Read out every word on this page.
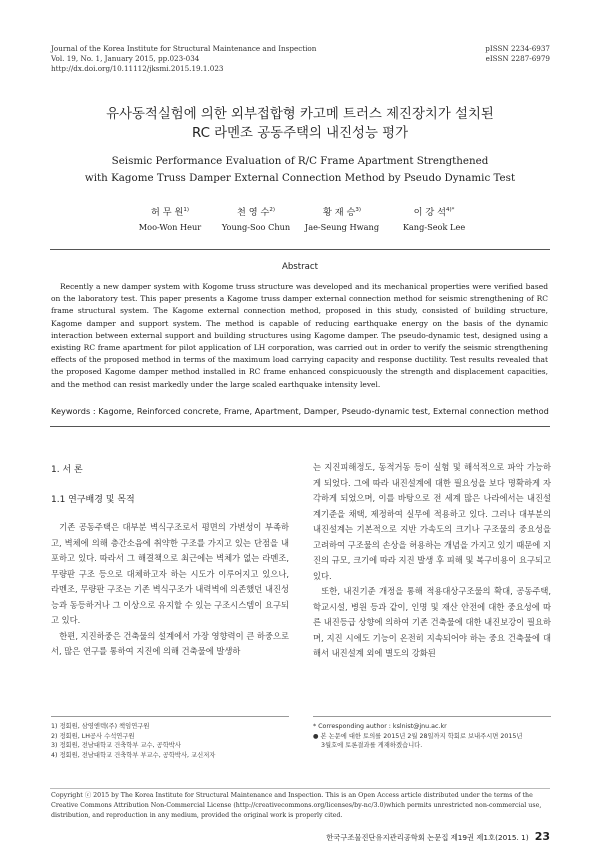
Journal of the Korea Institute for Structural Maintenance and Inspection
Vol. 19, No. 1, January 2015, pp.023-034
http://dx.doi.org/10.11112/jksmi.2015.19.1.023
pISSN 2234-6937
eISSN 2287-6979
유사동적실험에 의한 외부접합형 카고메 트러스 제진장치가 설치된
RC 라멘조 공동주택의 내진성능 평가
Seismic Performance Evaluation of R/C Frame Apartment Strengthened
with Kagome Truss Damper External Connection Method by Pseudo Dynamic Test
허 무 원$^{1)}$
Moo-Won Heur
천 영 수$^{2)}$
Young-Soo Chun
황 재 승$^{3)}$
Jae-Seung Hwang
이 강 석$^{4)*}$
Kang-Seok Lee
Abstract

Recently a new damper system with Kogome truss structure was developed and its mechanical properties were verified based on the laboratory test. This paper presents a Kagome truss damper external connection method for seismic strengthening of RC frame structural system. The Kagome external connection method, proposed in this study, consisted of building structure, Kagome damper and support system. The method is capable of reducing earthquake energy on the basis of the dynamic interaction between external support and building structures using Kagome damper. The pseudo-dynamic test, designed using a existing RC frame apartment for pilot application of LH corporation, was carried out in order to verify the seismic strengthening effects of the proposed method in terms of the maximum load carrying capacity and response ductility. Test results revealed that the proposed Kagome damper method installed in RC frame enhanced conspicuously the strength and displacement capacities, and the method can resist markedly under the large scaled earthquake intensity level.

Keywords : Kagome, Reinforced concrete, Frame, Apartment, Damper, Pseudo-dynamic test, External connection method
1. 서 론
1.1 연구배경 및 목적

기존 공동주택은 대부분 벽식구조로서 평면의 가변성이 부족하고, 벽체에 의해 층간소음에 취약한 구조를 가지고 있는 단점을 내포하고 있다. 따라서 그 해결책으로 최근에는 벽체가 없는 라멘조, 무량판 구조 등으로 대체하고자 하는 시도가 이루어지고 있으나, 라멘조, 무량판 구조는 기존 벽식구조가 내력벽에 의존했던 내진성능과 동등하거나 그 이상으로 유지할 수 있는 구조시스템이 요구되고 있다.

한편, 지진하중은 건축물의 설계에서 가장 영향력이 큰 하중으로서, 많은 연구를 통하여 지진에 의해 건축물에 발생하

는 지진피해정도, 동적거동 등이 실험 및 해석적으로 파악 가능하게 되었다. 그에 따라 내진설계에 대한 필요성을 보다 명확하게 자각하게 되었으며, 이를 바탕으로 전 세계 많은 나라에서는 내진설계기준을 채택, 제정하여 실무에 적용하고 있다. 그러나 대부분의 내진설계는 기본적으로 지반 가속도의 크기나 구조물의 중요성을 고려하여 구조물의 손상을 허용하는 개념을 가지고 있기 때문에 지진의 규모, 크기에 따라 지진 발생 후 피해 및 복구비용이 요구되고 있다.

또한, 내진기준 개정을 통해 적용대상구조물의 확대, 공동주택, 학교시설, 병원 등과 같이, 인명 및 재산 안전에 대한 중요성에 따른 내진등급 상향에 의하여 기존 건축물에 대한 내진보강이 필요하며, 지진 시에도 기능이 온전히 지속되어야 하는 중요 건축물에 대해서 내진설계 외에 별도의 강화된

1) 정회원, 삼영엔텍(주) 책임연구원
2) 정회원, LH공사 수석연구원
3) 정회원, 전남대학교 건축학부 교수, 공학박사
4) 정회원, 전남대학교 건축학부 부교수, 공학박사, 교신저자
* Corresponding author : kslnist@jnu.ac.kr
● 본 논문에 대한 토의를 2015년 2월 28일까지 학회로 보내주시면 2015년
3월호에 토론결과를 게재하겠습니다.
Copyright ⓒ 2015 by The Korea Institute for Structural Maintenance and Inspection. This is an Open Access article distributed under the terms of the Creative Commons Attribution Non-Commercial License (http://creativecommons.org/licenses/by-nc/3.0)which permits unrestricted non-commercial use, distribution, and reproduction in any medium, provided the original work is properly cited.
한국구조물진단유지관리공학회 논문집 제19권 제1호(2015. 1) 23
